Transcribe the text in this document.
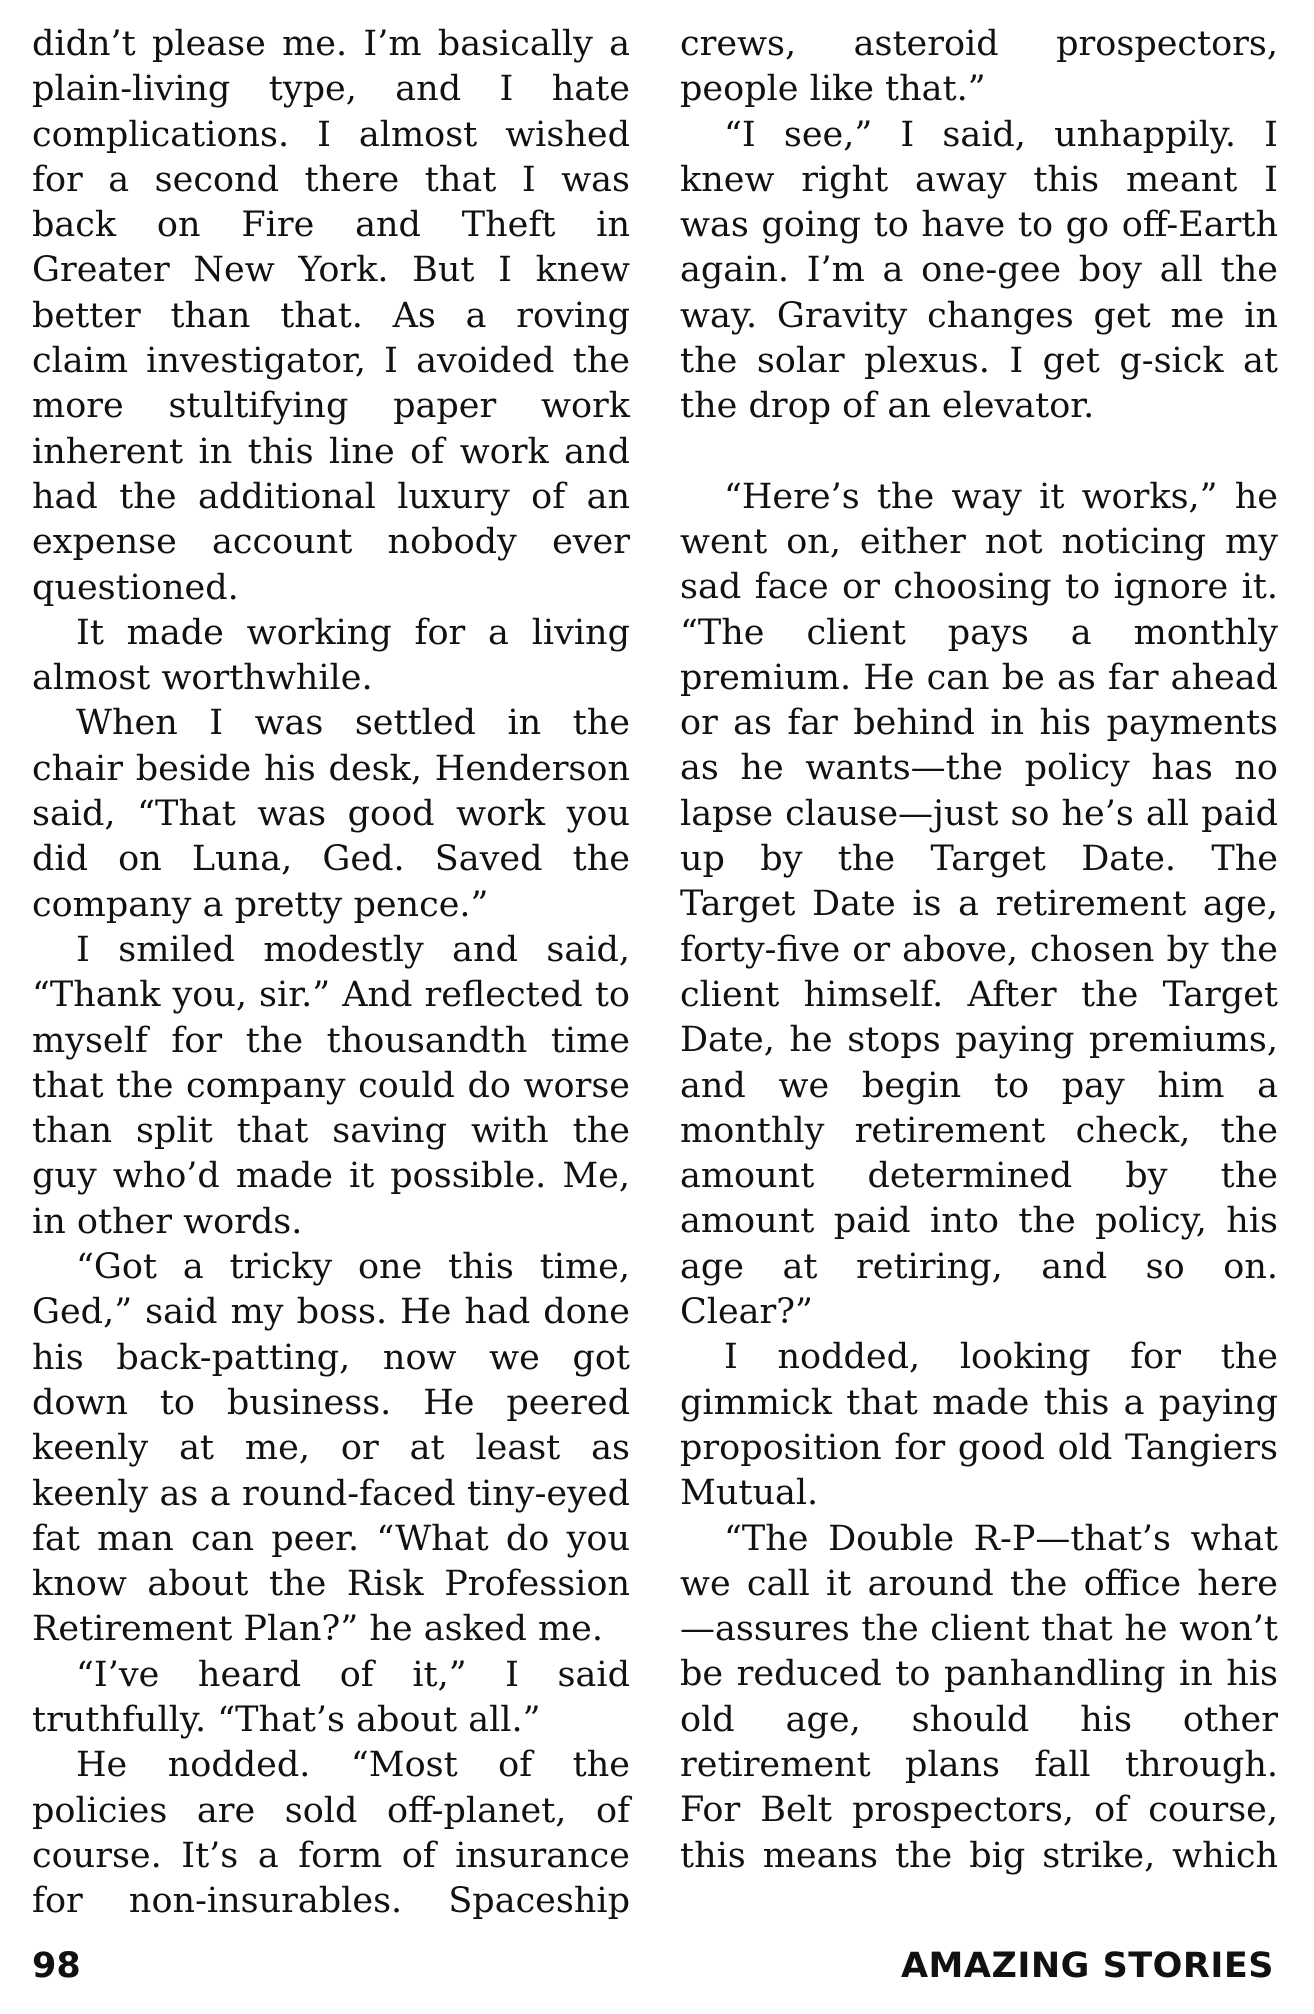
didn’t please me. I’m basically a plain-living type, and I hate complications. I almost wished for a second there that I was back on Fire and Theft in Greater New York. But I knew better than that. As a roving claim investigator, I avoided the more stultifying paper work inherent in this line of work and had the additional luxury of an expense account nobody ever questioned.

It made working for a living almost worthwhile.

When I was settled in the chair beside his desk, Henderson said, “That was good work you did on Luna, Ged. Saved the company a pretty pence.”

I smiled modestly and said, “Thank you, sir.” And reflected to myself for the thousandth time that the company could do worse than split that saving with the guy who’d made it possible. Me, in other words.

“Got a tricky one this time, Ged,” said my boss. He had done his back-patting, now we got down to business. He peered keenly at me, or at least as keenly as a round-faced tiny-eyed fat man can peer. “What do you know about the Risk Profession Retirement Plan?” he asked me.

“I’ve heard of it,” I said truthfully. “That’s about all.”

He nodded. “Most of the policies are sold off-planet, of course. It’s a form of insurance for non-insurables. Spaceship

crews, asteroid prospectors, people like that.”

“I see,” I said, unhappily. I knew right away this meant I was going to have to go off-Earth again. I’m a one-gee boy all the way. Gravity changes get me in the solar plexus. I get g-sick at the drop of an elevator.

“Here’s the way it works,” he went on, either not noticing my sad face or choosing to ignore it. “The client pays a monthly premium. He can be as far ahead or as far behind in his payments as he wants—the policy has no lapse clause—just so he’s all paid up by the Target Date. The Target Date is a retirement age, forty-five or above, chosen by the client himself. After the Target Date, he stops paying premiums, and we begin to pay him a monthly retirement check, the amount determined by the amount paid into the policy, his age at retiring, and so on. Clear?”

I nodded, looking for the gimmick that made this a paying proposition for good old Tangiers Mutual.

“The Double R-P—that’s what we call it around the office here —assures the client that he won’t be reduced to panhandling in his old age, should his other retirement plans fall through. For Belt prospectors, of course, this means the big strike, which

98	AMAZING STORIES
